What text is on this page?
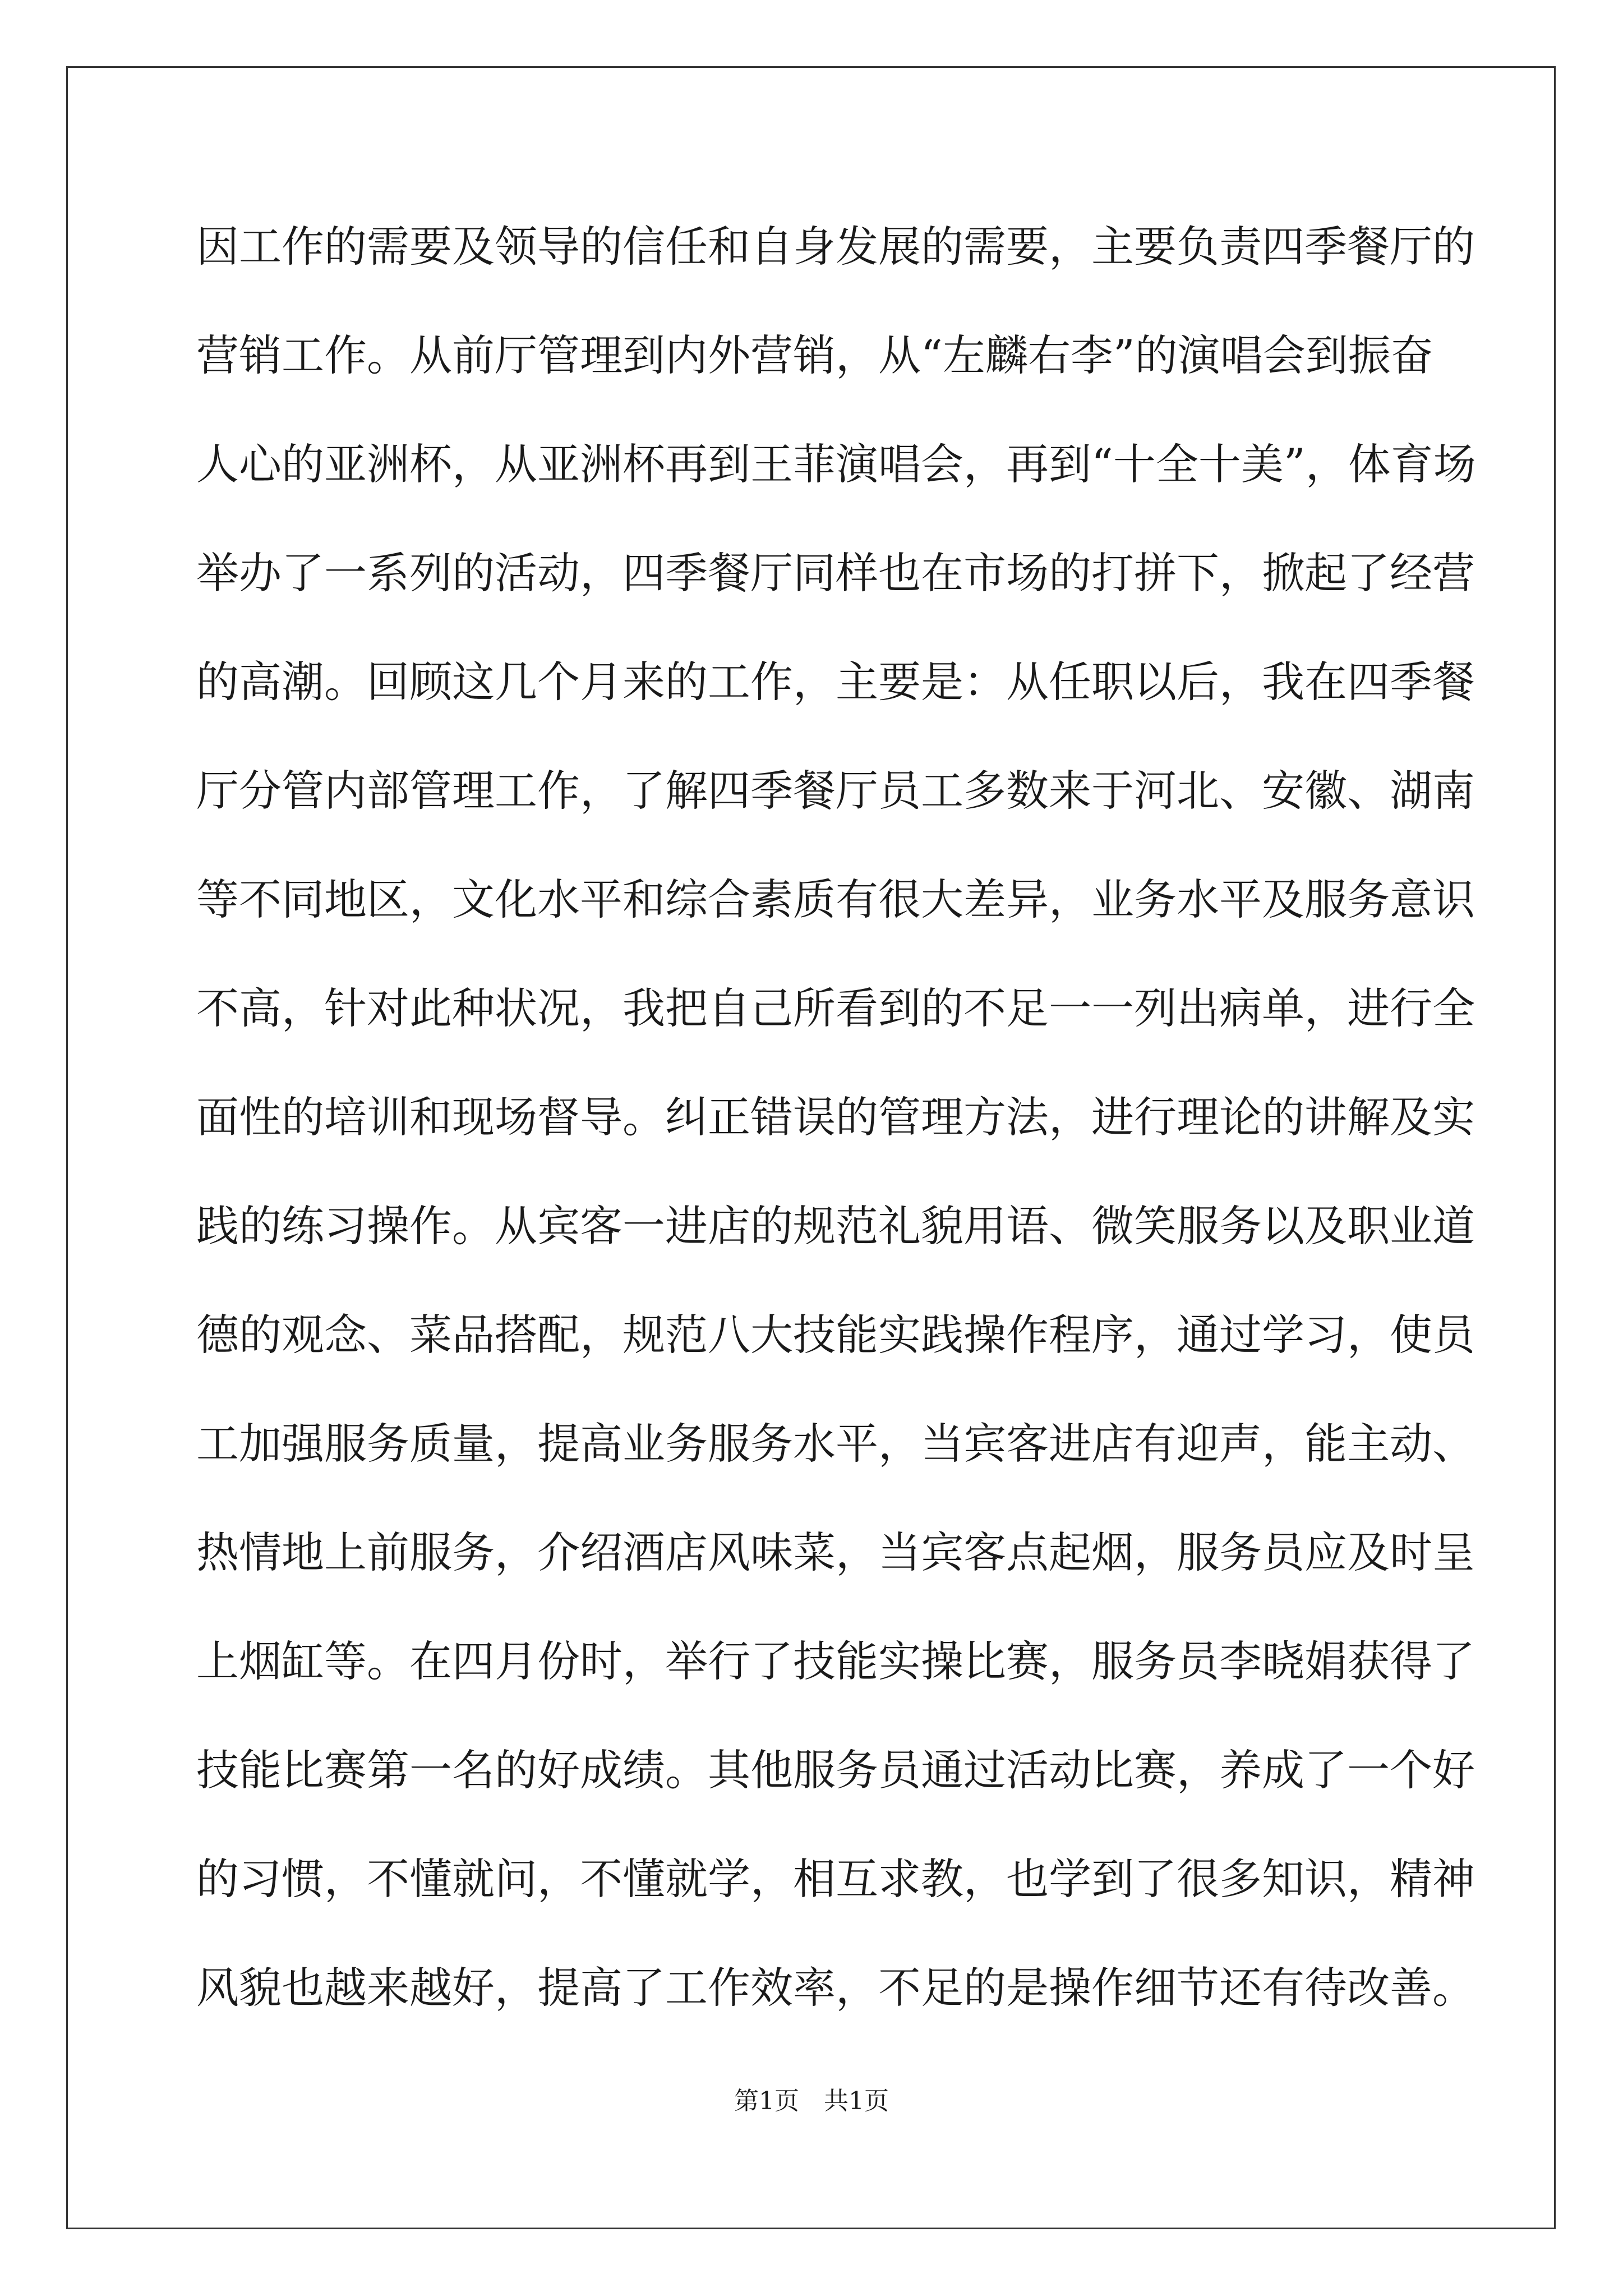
因工作的需要及领导的信任和自身发展的需要，主要负责四季餐厅的
营销工作。从前厅管理到内外营销，从“左麟右李”的演唱会到振奋
人心的亚洲杯，从亚洲杯再到王菲演唱会，再到“十全十美”，体育场
举办了一系列的活动，四季餐厅同样也在市场的打拼下，掀起了经营
的高潮。回顾这几个月来的工作，主要是：从任职以后，我在四季餐
厅分管内部管理工作，了解四季餐厅员工多数来于河北、安徽、湖南
等不同地区，文化水平和综合素质有很大差异，业务水平及服务意识
不高，针对此种状况，我把自己所看到的不足一一列出病单，进行全
面性的培训和现场督导。纠正错误的管理方法，进行理论的讲解及实
践的练习操作。从宾客一进店的规范礼貌用语、微笑服务以及职业道
德的观念、菜品搭配，规范八大技能实践操作程序，通过学习，使员
工加强服务质量，提高业务服务水平，当宾客进店有迎声，能主动、
热情地上前服务，介绍酒店风味菜，当宾客点起烟，服务员应及时呈
上烟缸等。在四月份时，举行了技能实操比赛，服务员李晓娟获得了
技能比赛第一名的好成绩。其他服务员通过活动比赛，养成了一个好
的习惯，不懂就问，不懂就学，相互求教，也学到了很多知识，精神
风貌也越来越好，提高了工作效率，不足的是操作细节还有待改善。
第1页 共1页
